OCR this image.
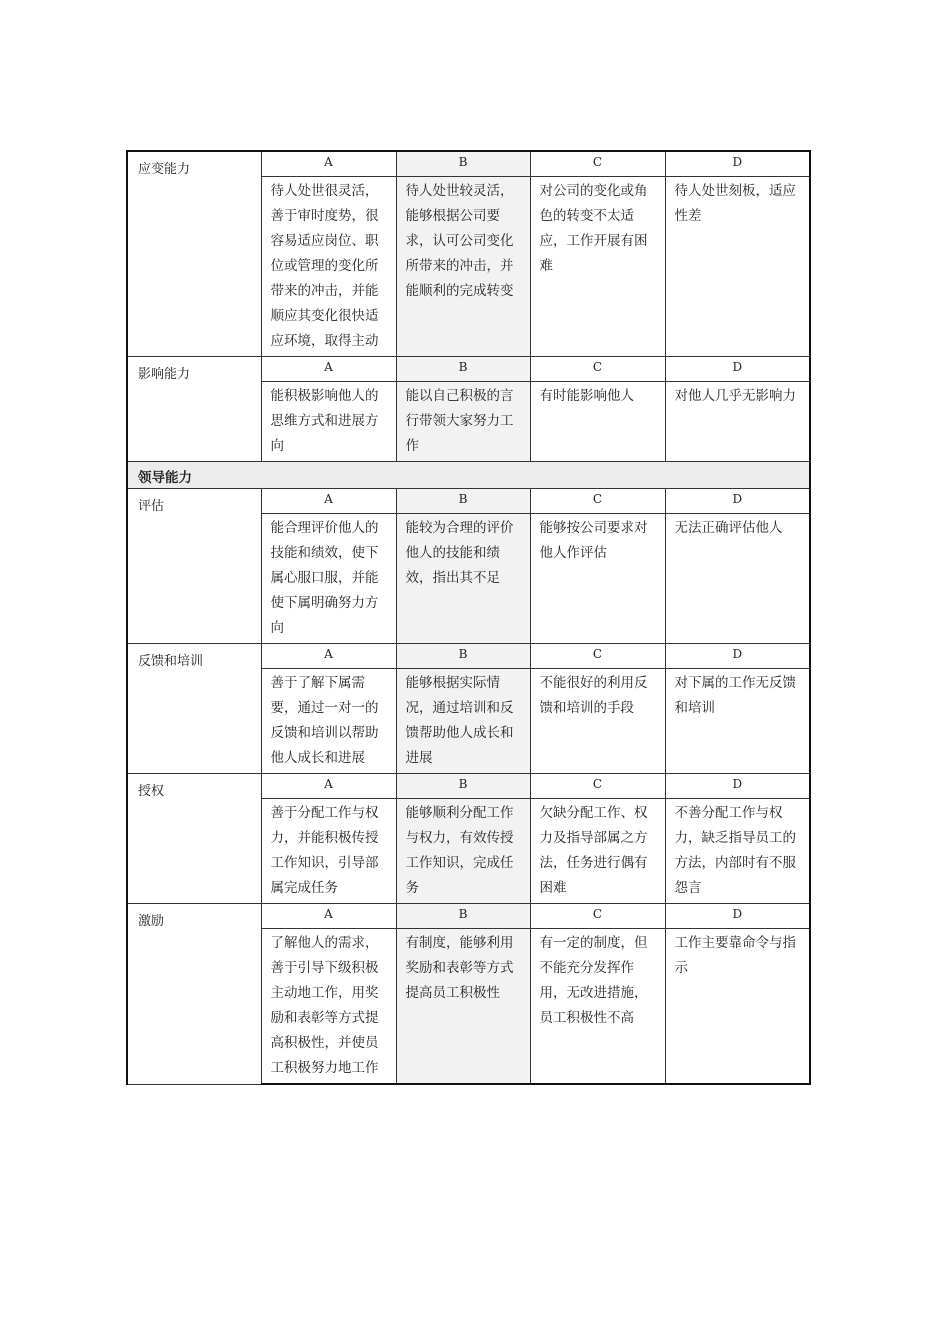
应变能力	A	B	C	D
	待人处世很灵活，善于审时度势，很容易适应岗位、职位或管理的变化所带来的冲击，并能顺应其变化很快适应环境，取得主动	待人处世较灵活，能够根据公司要求，认可公司变化所带来的冲击，并能顺利的完成转变	对公司的变化或角色的转变不太适应，工作开展有困难	待人处世刻板，适应性差
影响能力	A	B	C	D
	能积极影响他人的思维方式和进展方向	能以自己积极的言行带领大家努力工作	有时能影响他人	对他人几乎无影响力
领导能力				
评估	A	B	C	D
	能合理评价他人的技能和绩效，使下属心服口服，并能使下属明确努力方向	能较为合理的评价他人的技能和绩效，指出其不足	能够按公司要求对他人作评估	无法正确评估他人
反馈和培训	A	B	C	D
	善于了解下属需要，通过一对一的反馈和培训以帮助他人成长和进展	能够根据实际情况，通过培训和反馈帮助他人成长和进展	不能很好的利用反馈和培训的手段	对下属的工作无反馈和培训
授权	A	B	C	D
	善于分配工作与权力，并能积极传授工作知识，引导部属完成任务	能够顺利分配工作与权力，有效传授工作知识，完成任务	欠缺分配工作、权力及指导部属之方法，任务进行偶有困难	不善分配工作与权力，缺乏指导员工的方法，内部时有不服怨言
激励	A	B	C	D
	了解他人的需求，善于引导下级积极主动地工作，用奖励和表彰等方式提高积极性，并使员工积极努力地工作	有制度，能够利用奖励和表彰等方式提高员工积极性	有一定的制度，但不能充分发挥作用，无改进措施，员工积极性不高	工作主要靠命令与指示
